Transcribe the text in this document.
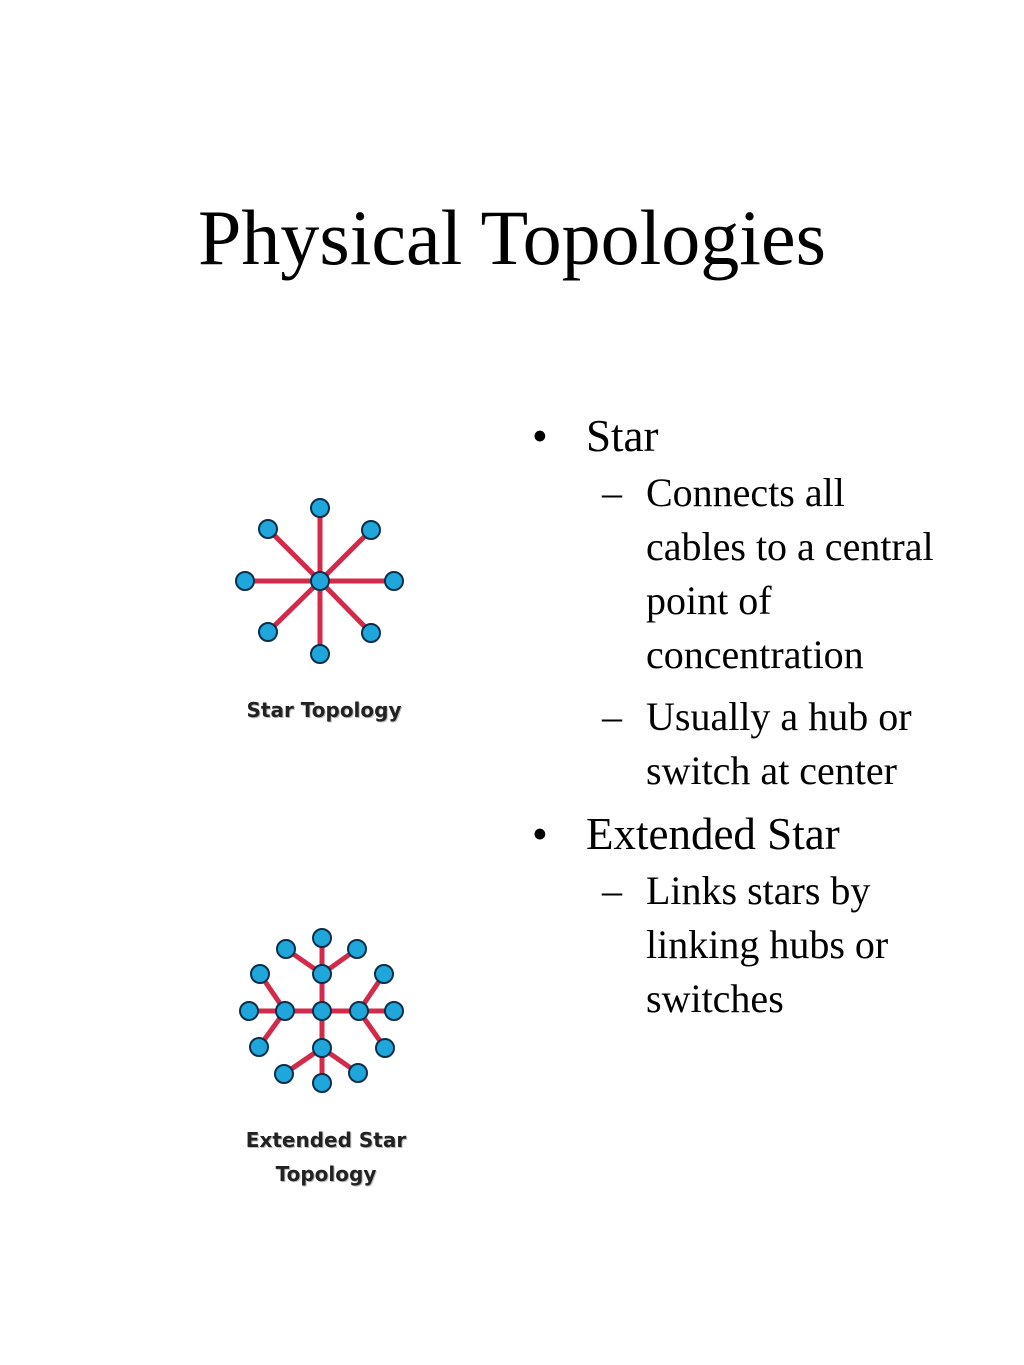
Physical Topologies

Star Topology

Extended Star
Topology
• Star
– Connects all cables to a central point of concentration
– Usually a hub or switch at center
• Extended Star
– Links stars by linking hubs or switches
